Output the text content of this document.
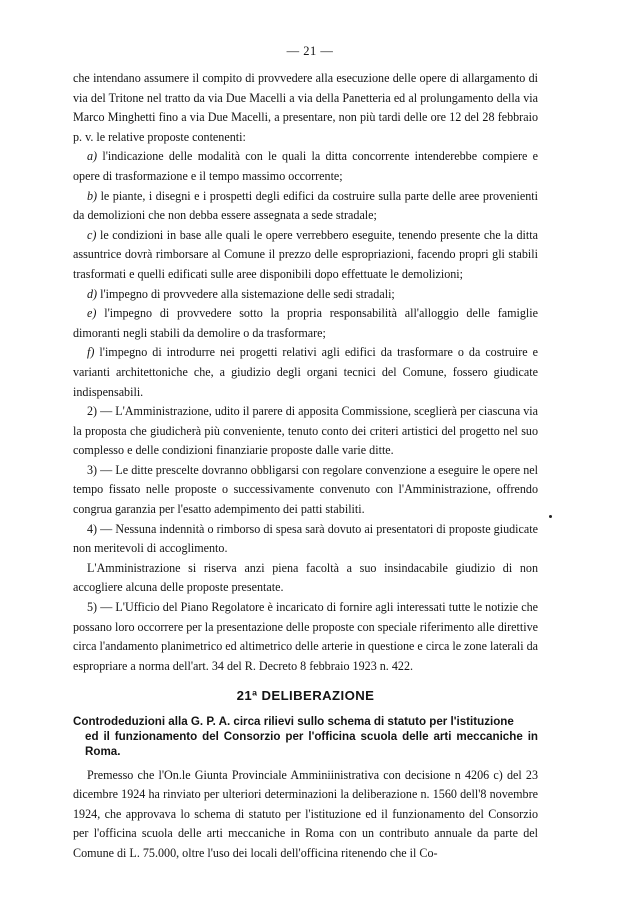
— 21 —

che intendano assumere il compito di provvedere alla esecuzione delle opere di allargamento di via del Tritone nel tratto da via Due Macelli a via della Panetteria ed al prolungamento della via Marco Minghetti fino a via Due Macelli, a presentare, non più tardi delle ore 12 del 28 febbraio p. v. le relative proposte contenenti:

a) l'indicazione delle modalità con le quali la ditta concorrente intenderebbe compiere e opere di trasformazione e il tempo massimo occorrente;

b) le piante, i disegni e i prospetti degli edifici da costruire sulla parte delle aree provenienti da demolizioni che non debba essere assegnata a sede stradale;

c) le condizioni in base alle quali le opere verrebbero eseguite, tenendo presente che la ditta assuntrice dovrà rimborsare al Comune il prezzo delle espropriazioni, facendo propri gli stabili trasformati e quelli edificati sulle aree disponibili dopo effettuate le demolizioni;

d) l'impegno di provvedere alla sistemazione delle sedi stradali;

e) l'impegno di provvedere sotto la propria responsabilità all'alloggio delle famiglie dimoranti negli stabili da demolire o da trasformare;

f) l'impegno di introdurre nei progetti relativi agli edifici da trasformare o da costruire e varianti architettoniche che, a giudizio degli organi tecnici del Comune, fossero giudicate indispensabili.

2) — L'Amministrazione, udito il parere di apposita Commissione, sceglierà per ciascuna via la proposta che giudicherà più conveniente, tenuto conto dei criteri artistici del progetto nel suo complesso e delle condizioni finanziarie proposte dalle varie ditte.

3) — Le ditte prescelte dovranno obbligarsi con regolare convenzione a eseguire le opere nel tempo fissato nelle proposte o successivamente convenuto con l'Amministrazione, offrendo congrua garanzia per l'esatto adempimento dei patti stabiliti.

4) — Nessuna indennità o rimborso di spesa sarà dovuto ai presentatori di proposte giudicate non meritevoli di accoglimento.

L'Amministrazione si riserva anzi piena facoltà a suo insindacabile giudizio di non accogliere alcuna delle proposte presentate.

5) — L'Ufficio del Piano Regolatore è incaricato di fornire agli interessati tutte le notizie che possano loro occorrere per la presentazione delle proposte con speciale riferimento alle direttive circa l'andamento planimetrico ed altimetrico delle arterie in questione e circa le zone laterali da espropriare a norma dell'art. 34 del R. Decreto 8 febbraio 1923 n. 422.

21ª DELIBERAZIONE
Controdeduzioni alla G. P. A. circa rilievi sullo schema di statuto per l'istituzione
ed il funzionamento del Consorzio per l'officina scuola delle arti meccaniche in Roma.

Premesso che l'On.le Giunta Provinciale Amminiinistrativa con decisione n 4206 c) del 23 dicembre 1924 ha rinviato per ulteriori determinazioni la deliberazione n. 1560 dell'8 novembre 1924, che approvava lo schema di statuto per l'istituzione ed il funzionamento del Consorzio per l'officina scuola delle arti meccaniche in Roma con un contributo annuale da parte del Comune di L. 75.000, oltre l'uso dei locali dell'officina ritenendo che il Co-
